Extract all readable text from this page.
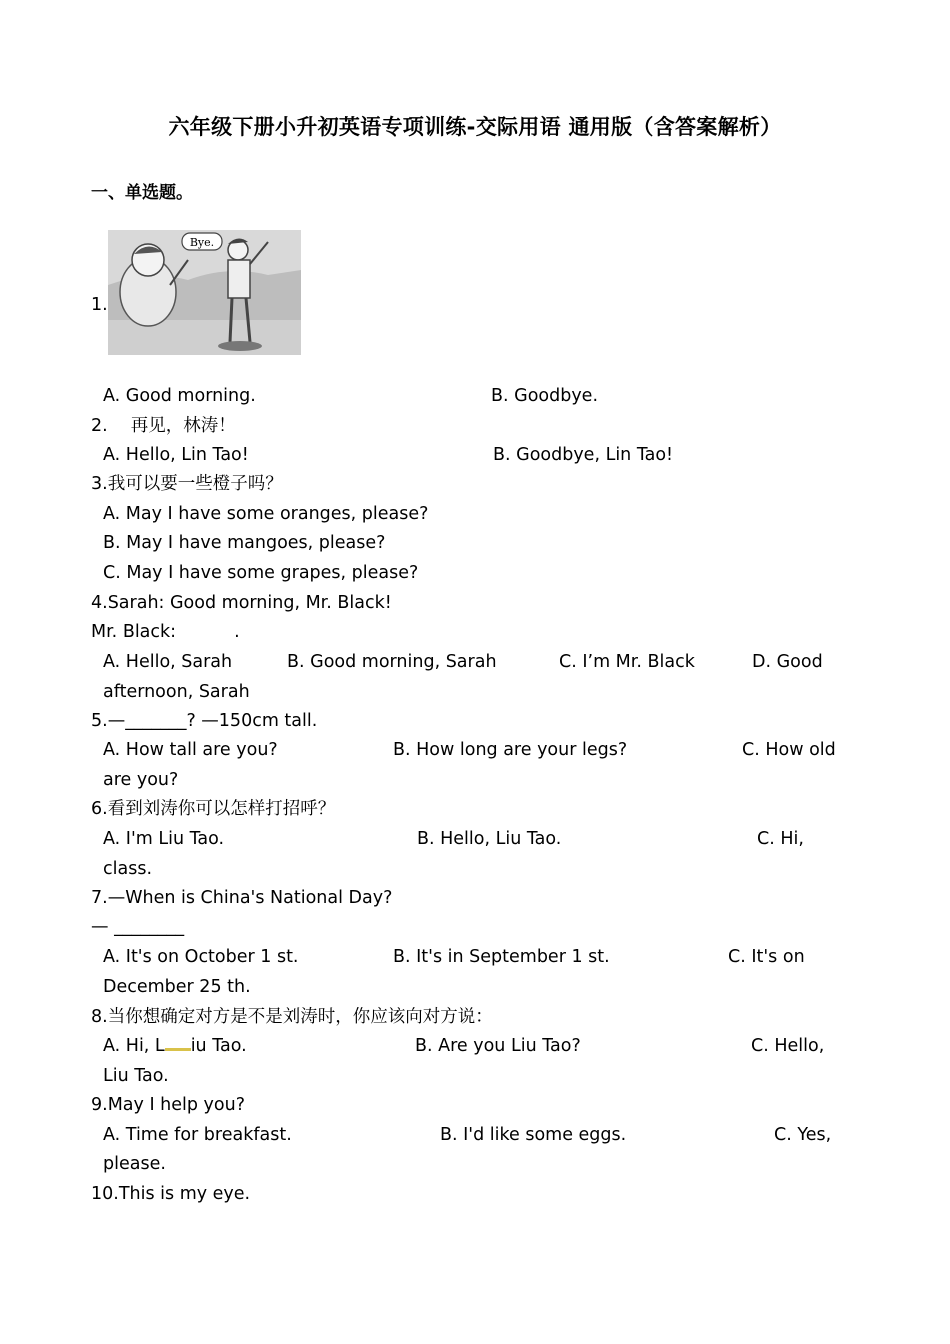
六年级下册小升初英语专项训练-交际用语 通用版（含答案解析）
一、单选题。
1.
Bye.
A. Good morning.	B. Goodbye.
2.　 再见，林涛！
A. Hello, Lin Tao!	B. Goodbye, Lin Tao!
3.我可以要一些橙子吗？
A. May I have some oranges, please?
B. May I have mangoes, please?
C. May I have some grapes, please?
4.Sarah: Good morning, Mr. Black!
Mr. Black:　　　 .
A. Hello, Sarah	B. Good morning, Sarah	C. I’m Mr. Black	D. Good
afternoon, Sarah
5.—_______? —150cm tall.
A. How tall are you?	B. How long are your legs?	C. How old
are you?
6.看到刘涛你可以怎样打招呼？
A. I'm Liu Tao.	B. Hello, Liu Tao.	C. Hi,
class.
7.—When is China's National Day?
— ________
A. It's on October 1 st.	B. It's in September 1 st.	C. It's on
December 25 th.
8.当你想确定对方是不是刘涛时，你应该向对方说：
A. Hi, L iu Tao.	B. Are you Liu Tao?	C. Hello,
Liu Tao.
9.May I help you?
A. Time for breakfast.	B. I'd like some eggs.	C. Yes,
please.
10.This is my eye.
